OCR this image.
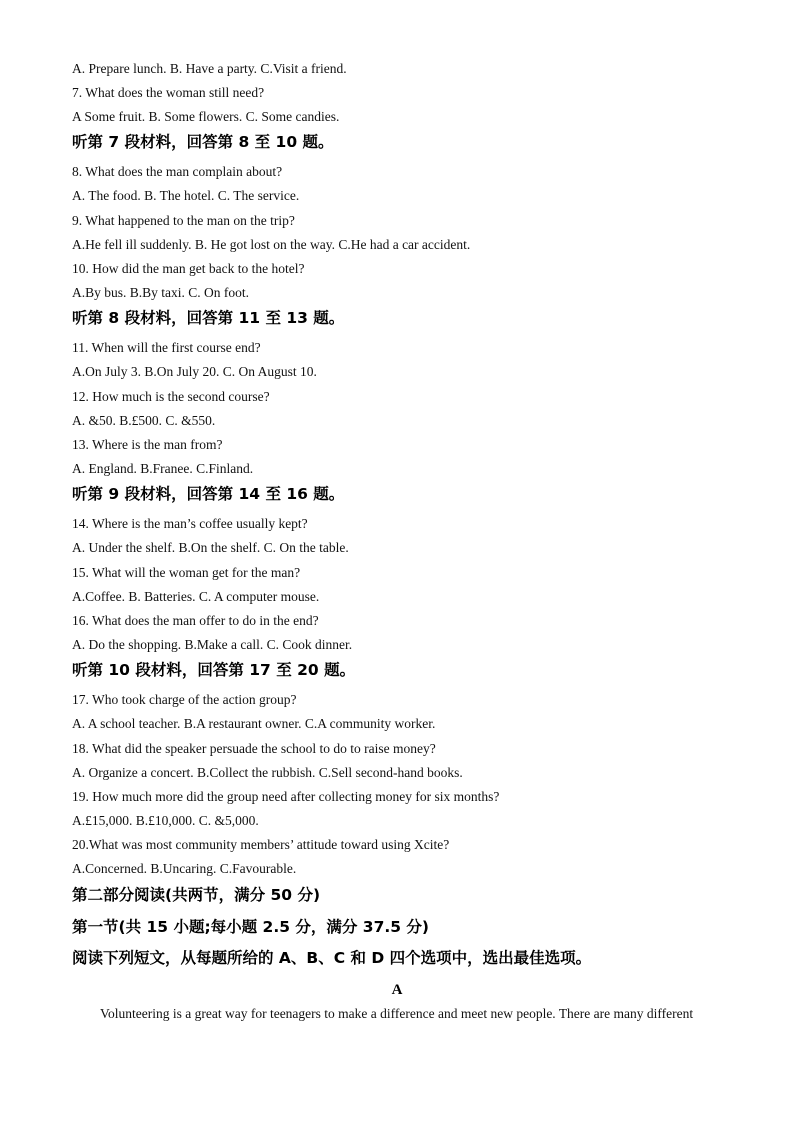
A. Prepare lunch. B. Have a party. C.Visit a friend.
7. What does the woman still need?
A Some fruit. B. Some flowers. C. Some candies.
听第 7 段材料，回答第 8 至 10 题。
8. What does the man complain about?
A. The food. B. The hotel. C. The service.
9. What happened to the man on the trip?
A.He fell ill suddenly. B. He got lost on the way. C.He had a car accident.
10. How did the man get back to the hotel?
A.By bus. B.By taxi. C. On foot.
听第 8 段材料，回答第 11 至 13 题。
11. When will the first course end?
A.On July 3. B.On July 20. C. On August 10.
12. How much is the second course?
A. &50. B.£500. C. &550.
13. Where is the man from?
A. England. B.Franee. C.Finland.
听第 9 段材料，回答第 14 至 16 题。
14. Where is the man’s coffee usually kept?
A. Under the shelf. B.On the shelf. C. On the table.
15. What will the woman get for the man?
A.Coffee. B. Batteries. C. A computer mouse.
16. What does the man offer to do in the end?
A. Do the shopping. B.Make a call. C. Cook dinner.
听第 10 段材料，回答第 17 至 20 题。
17. Who took charge of the action group?
A. A school teacher. B.A restaurant owner. C.A community worker.
18. What did the speaker persuade the school to do to raise money?
A. Organize a concert. B.Collect the rubbish. C.Sell second-hand books.
19. How much more did the group need after collecting money for six months?
A.£15,000. B.£10,000. C. &5,000.
20.What was most community members’ attitude toward using Xcite?
A.Concerned. B.Uncaring. C.Favourable.
第二部分阅读(共两节，满分 50 分)
第一节(共 15 小题;每小题 2.5 分，满分 37.5 分)
阅读下列短文，从每题所给的 A、B、C 和 D 四个选项中，选出最佳选项。
A
Volunteering is a great way for teenagers to make a difference and meet new people. There are many different
